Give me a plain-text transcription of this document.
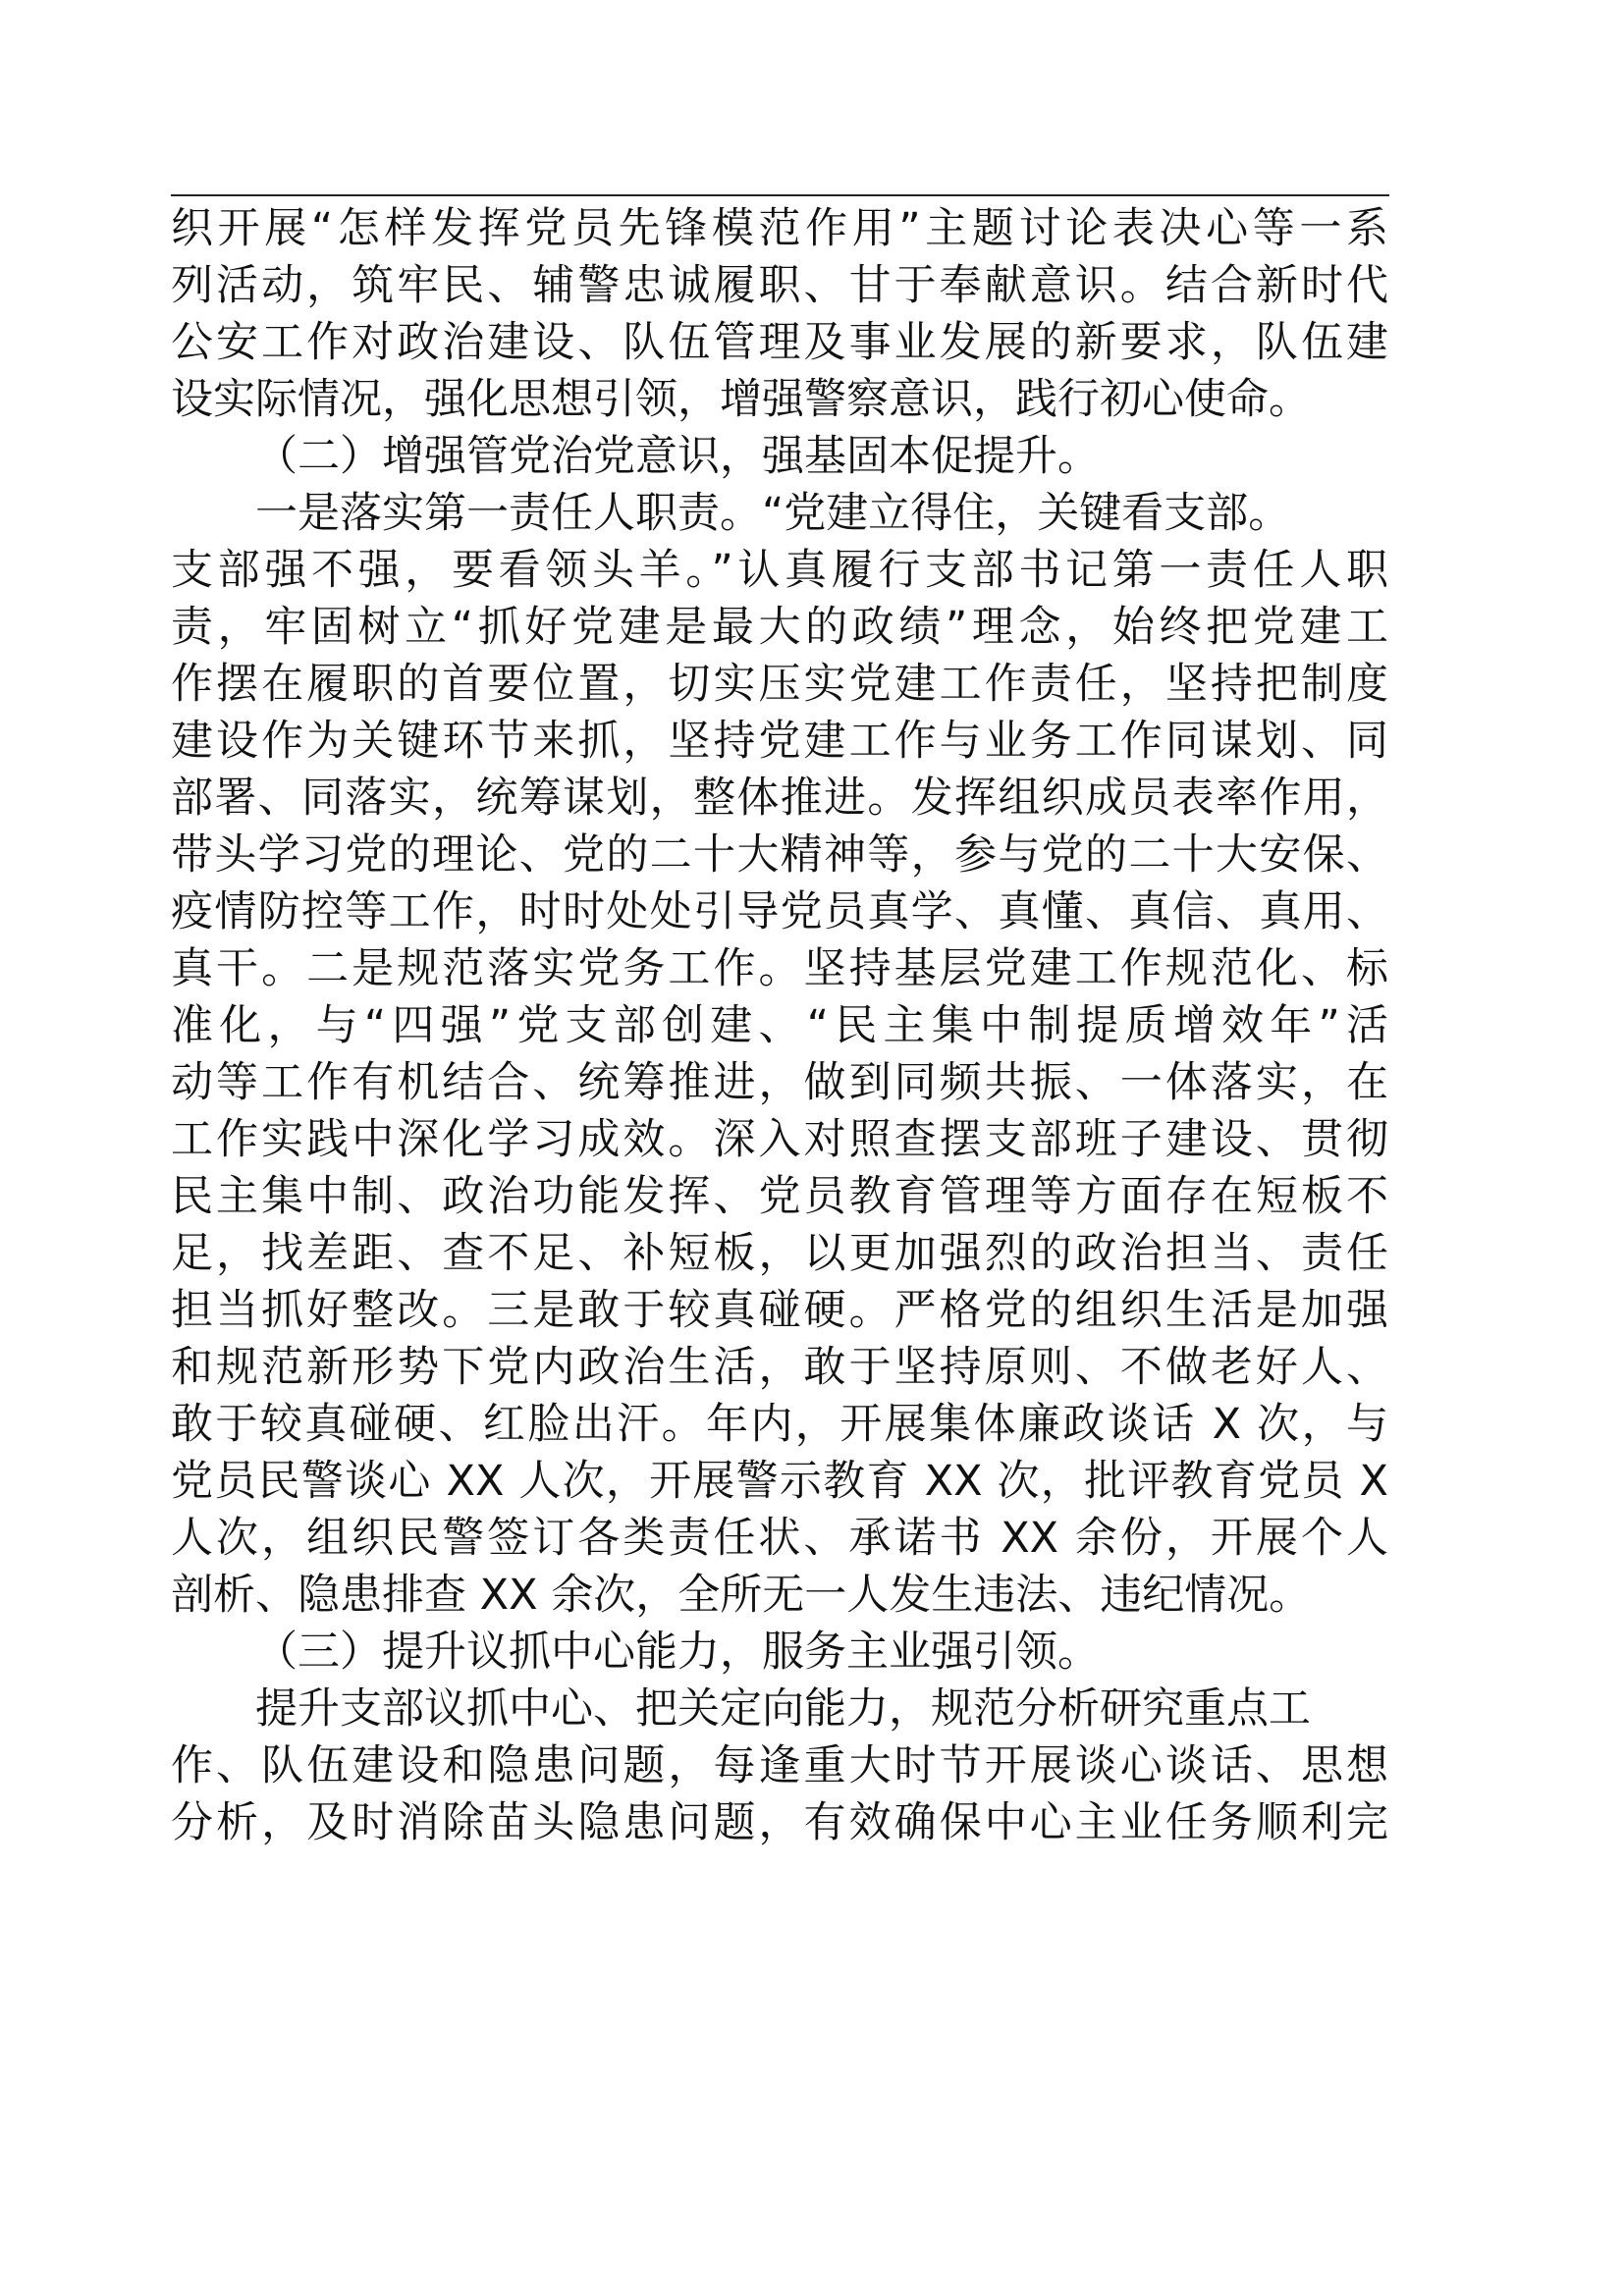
织开展“怎样发挥党员先锋模范作用”主题讨论表决心等一系
列活动，筑牢民、辅警忠诚履职、甘于奉献意识。结合新时代
公安工作对政治建设、队伍管理及事业发展的新要求，队伍建
设实际情况，强化思想引领，增强警察意识，践行初心使命。
（二）增强管党治党意识，强基固本促提升。
一是落实第一责任人职责。“党建立得住，关键看支部。
支部强不强，要看领头羊。”认真履行支部书记第一责任人职
责，牢固树立“抓好党建是最大的政绩”理念，始终把党建工
作摆在履职的首要位置，切实压实党建工作责任，坚持把制度
建设作为关键环节来抓，坚持党建工作与业务工作同谋划、同
部署、同落实，统筹谋划，整体推进。发挥组织成员表率作用，
带头学习党的理论、党的二十大精神等，参与党的二十大安保、
疫情防控等工作，时时处处引导党员真学、真懂、真信、真用、
真干。二是规范落实党务工作。坚持基层党建工作规范化、标
准化，与“四强”党支部创建、“民主集中制提质增效年”活
动等工作有机结合、统筹推进，做到同频共振、一体落实，在
工作实践中深化学习成效。深入对照查摆支部班子建设、贯彻
民主集中制、政治功能发挥、党员教育管理等方面存在短板不
足，找差距、查不足、补短板，以更加强烈的政治担当、责任
担当抓好整改。三是敢于较真碰硬。严格党的组织生活是加强
和规范新形势下党内政治生活，敢于坚持原则、不做老好人、
敢于较真碰硬、红脸出汗。年内，开展集体廉政谈话 X 次，与
党员民警谈心 XX 人次，开展警示教育 XX 次，批评教育党员 X
人次，组织民警签订各类责任状、承诺书 XX 余份，开展个人
剖析、隐患排查 XX 余次，全所无一人发生违法、违纪情况。
（三）提升议抓中心能力，服务主业强引领。
提升支部议抓中心、把关定向能力，规范分析研究重点工
作、队伍建设和隐患问题，每逢重大时节开展谈心谈话、思想
分析，及时消除苗头隐患问题，有效确保中心主业任务顺利完
